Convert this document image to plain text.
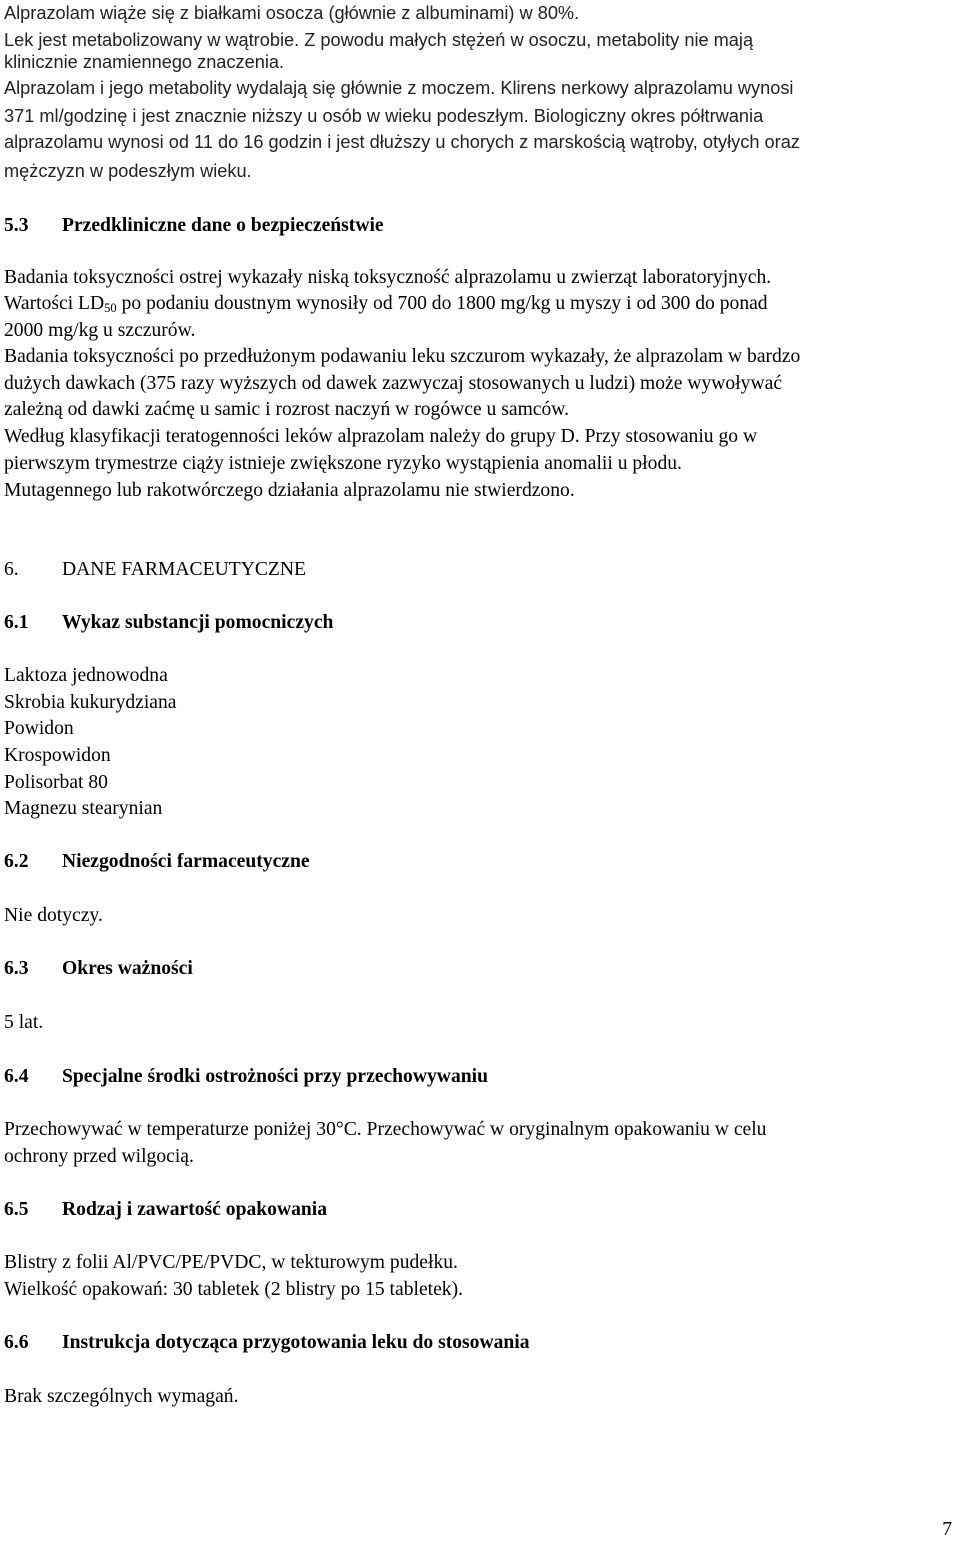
Alprazolam wiąże się z białkami osocza (głównie z albuminami) w 80%.
Lek jest metabolizowany w wątrobie. Z powodu małych stężeń w osoczu, metabolity nie mają
klinicznie znamiennego znaczenia.
Alprazolam i jego metabolity wydalają się głównie z moczem. Klirens nerkowy alprazolamu wynosi
371 ml/godzinę i jest znacznie niższy u osób w wieku podeszłym. Biologiczny okres półtrwania
alprazolamu wynosi od 11 do 16 godzin i jest dłuższy u chorych z marskością wątroby, otyłych oraz
mężczyzn w podeszłym wieku.
5.3 Przedkliniczne dane o bezpieczeństwie
Badania toksyczności ostrej wykazały niską toksyczność alprazolamu u zwierząt laboratoryjnych.
Wartości $LD_{50}$ po podaniu doustnym wynosiły od 700 do 1800 mg/kg u myszy i od 300 do ponad
2000 mg/kg u szczurów.
Badania toksyczności po przedłużonym podawaniu leku szczurom wykazały, że alprazolam w bardzo
dużych dawkach (375 razy wyższych od dawek zazwyczaj stosowanych u ludzi) może wywoływać
zależną od dawki zaćmę u samic i rozrost naczyń w rogówce u samców.
Według klasyfikacji teratogenności leków alprazolam należy do grupy D. Przy stosowaniu go w
pierwszym trymestrze ciąży istnieje zwiększone ryzyko wystąpienia anomalii u płodu.
Mutagennego lub rakotwórczego działania alprazolamu nie stwierdzono.
6. DANE FARMACEUTYCZNE
6.1 Wykaz substancji pomocniczych
Laktoza jednowodna
Skrobia kukurydziana
Powidon
Krospowidon
Polisorbat 80
Magnezu stearynian
6.2 Niezgodności farmaceutyczne
Nie dotyczy.
6.3 Okres ważności
5 lat.
6.4 Specjalne środki ostrożności przy przechowywaniu
Przechowywać w temperaturze poniżej 30°C. Przechowywać w oryginalnym opakowaniu w celu
ochrony przed wilgocią.
6.5 Rodzaj i zawartość opakowania
Blistry z folii Al/PVC/PE/PVDC, w tekturowym pudełku.
Wielkość opakowań: 30 tabletek (2 blistry po 15 tabletek).
6.6 Instrukcja dotycząca przygotowania leku do stosowania
Brak szczególnych wymagań.
7
